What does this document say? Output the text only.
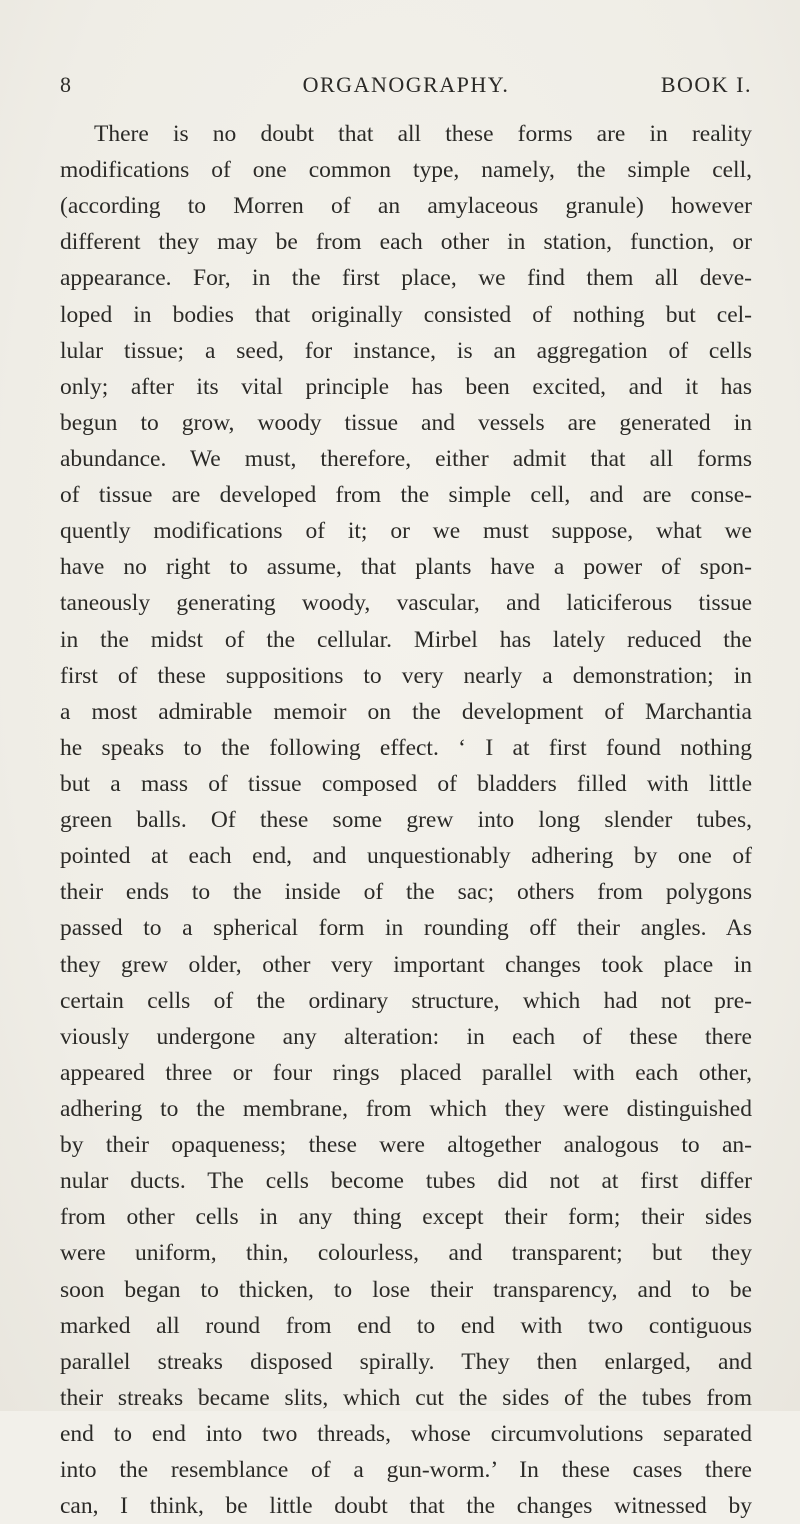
ORGANOGRAPHY.
8	BOOK I.
There is no doubt that all these forms are in reality
modifications of one common type, namely, the simple cell,
(according to Morren of an amylaceous granule) however
different they may be from each other in station, function, or
appearance. For, in the first place, we find them all deve-
loped in bodies that originally consisted of nothing but cel-
lular tissue; a seed, for instance, is an aggregation of cells
only; after its vital principle has been excited, and it has
begun to grow, woody tissue and vessels are generated in
abundance. We must, therefore, either admit that all forms
of tissue are developed from the simple cell, and are conse-
quently modifications of it; or we must suppose, what we
have no right to assume, that plants have a power of spon-
taneously generating woody, vascular, and laticiferous tissue
in the midst of the cellular. Mirbel has lately reduced the
first of these suppositions to very nearly a demonstration; in
a most admirable memoir on the development of Marchantia
he speaks to the following effect. ‘ I at first found nothing
but a mass of tissue composed of bladders filled with little
green balls. Of these some grew into long slender tubes,
pointed at each end, and unquestionably adhering by one of
their ends to the inside of the sac; others from polygons
passed to a spherical form in rounding off their angles. As
they grew older, other very important changes took place in
certain cells of the ordinary structure, which had not pre-
viously undergone any alteration: in each of these there
appeared three or four rings placed parallel with each other,
adhering to the membrane, from which they were distinguished
by their opaqueness; these were altogether analogous to an-
nular ducts. The cells become tubes did not at first differ
from other cells in any thing except their form; their sides
were uniform, thin, colourless, and transparent; but they
soon began to thicken, to lose their transparency, and to be
marked all round from end to end with two contiguous
parallel streaks disposed spirally. They then enlarged, and
their streaks became slits, which cut the sides of the tubes from
end to end into two threads, whose circumvolutions separated
into the resemblance of a gun-worm.’ In these cases there
can, I think, be little doubt that the changes witnessed by
